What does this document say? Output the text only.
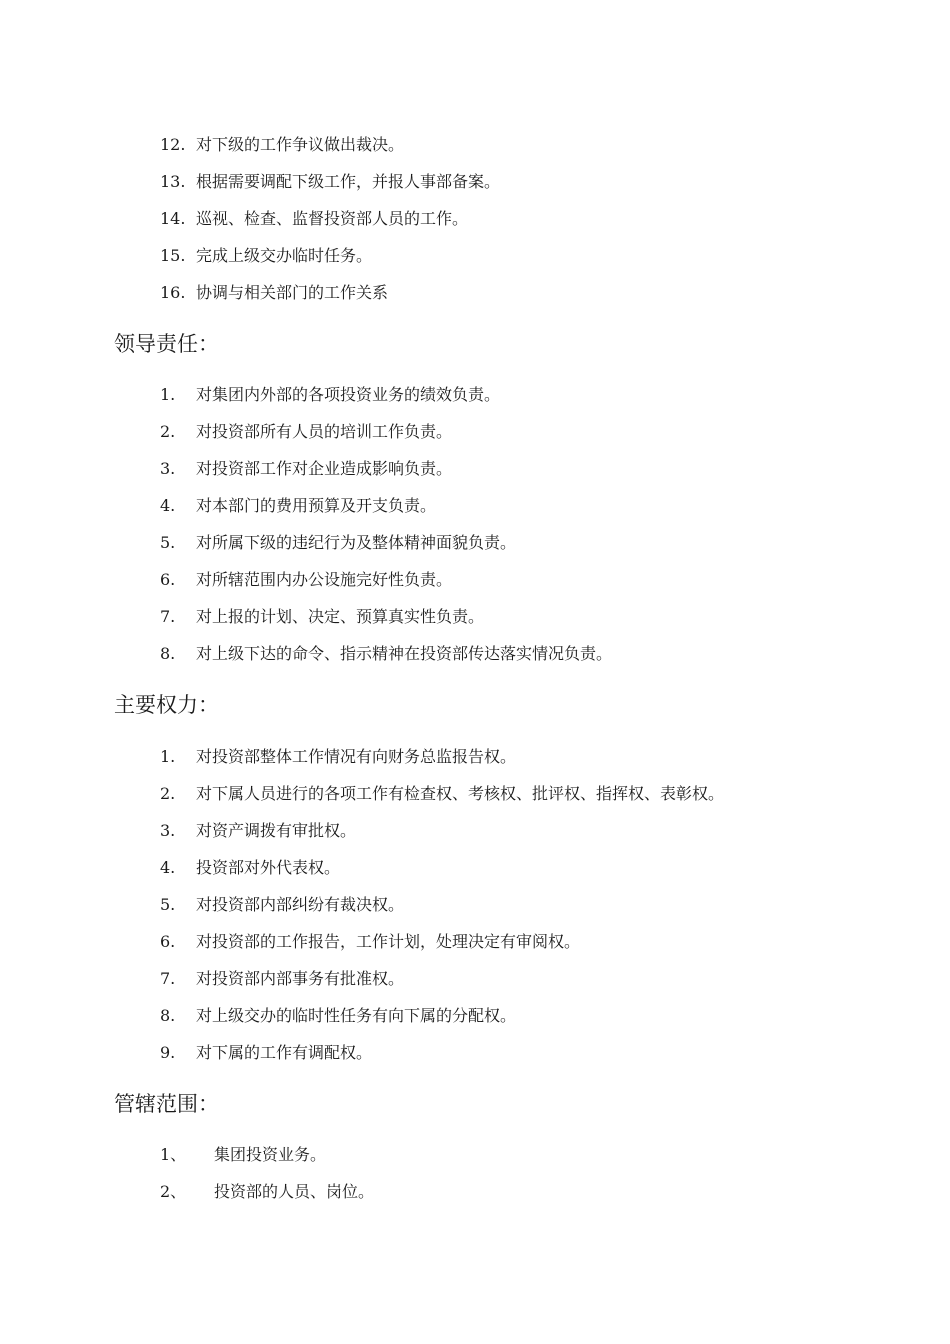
12. 对下级的工作争议做出裁决。
13. 根据需要调配下级工作，并报人事部备案。
14. 巡视、检查、监督投资部人员的工作。
15. 完成上级交办临时任务。
16. 协调与相关部门的工作关系
领导责任：
1.	对集团内外部的各项投资业务的绩效负责。
2.	对投资部所有人员的培训工作负责。
3.	对投资部工作对企业造成影响负责。
4.	对本部门的费用预算及开支负责。
5.	对所属下级的违纪行为及整体精神面貌负责。
6.	对所辖范围内办公设施完好性负责。
7.	对上报的计划、决定、预算真实性负责。
8.	对上级下达的命令、指示精神在投资部传达落实情况负责。
主要权力：
1.	对投资部整体工作情况有向财务总监报告权。
2.	对下属人员进行的各项工作有检查权、考核权、批评权、指挥权、表彰权。
3.	对资产调拨有审批权。
4.	投资部对外代表权。
5.	对投资部内部纠纷有裁决权。
6.	对投资部的工作报告，工作计划，处理决定有审阅权。
7.	对投资部内部事务有批准权。
8.	对上级交办的临时性任务有向下属的分配权。
9.	对下属的工作有调配权。
管辖范围：
1、	集团投资业务。
2、	投资部的人员、岗位。
